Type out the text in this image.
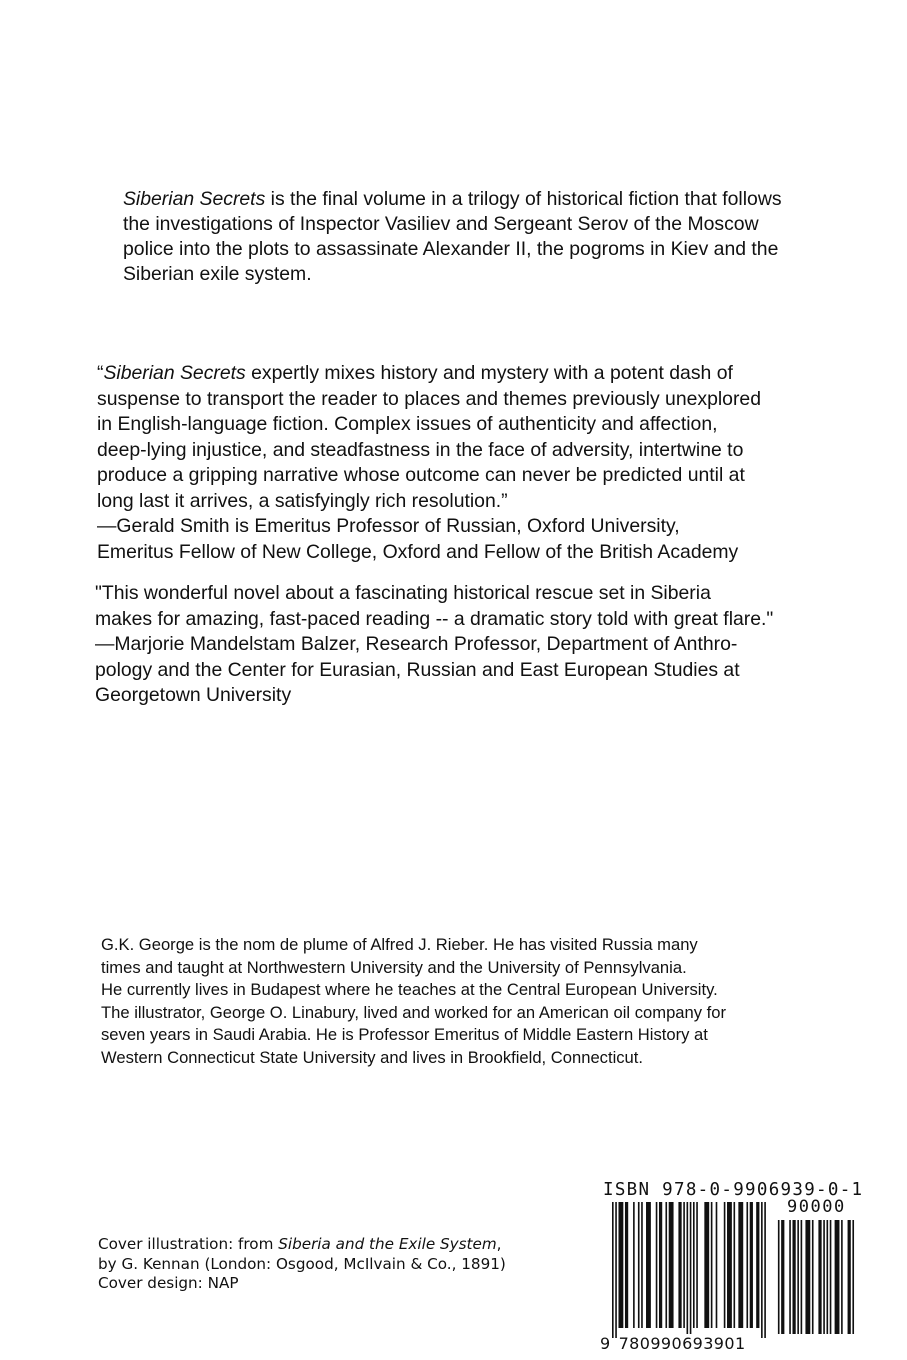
Siberian Secrets is the final volume in a trilogy of historical fiction that follows
the investigations of Inspector Vasiliev and Sergeant Serov of the Moscow
police into the plots to assassinate Alexander II, the pogroms in Kiev and the
Siberian exile system.

“Siberian Secrets expertly mixes history and mystery with a potent dash of
suspense to transport the reader to places and themes previously unexplored
in English-language fiction. Complex issues of authenticity and affection,
deep-lying injustice, and steadfastness in the face of adversity, intertwine to
produce a gripping narrative whose outcome can never be predicted until at
long last it arrives, a satisfyingly rich resolution.”
—Gerald Smith is Emeritus Professor of Russian, Oxford University,
Emeritus Fellow of New College, Oxford and Fellow of the British Academy

"This wonderful novel about a fascinating historical rescue set in Siberia
makes for amazing, fast-paced reading -- a dramatic story told with great flare."
—Marjorie Mandelstam Balzer, Research Professor, Department of Anthro-
pology and the Center for Eurasian, Russian and East European Studies at
Georgetown University

G.K. George is the nom de plume of Alfred J. Rieber. He has visited Russia many
times and taught at Northwestern University and the University of Pennsylvania.
He currently lives in Budapest where he teaches at the Central European University.
The illustrator, George O. Linabury, lived and worked for an American oil company for
seven years in Saudi Arabia. He is Professor Emeritus of Middle Eastern History at
Western Connecticut State University and lives in Brookfield, Connecticut.

Cover illustration: from Siberia and the Exile System,
by G. Kennan (London: Osgood, McIlvain & Co., 1891)
Cover design: NAP

ISBN 978-0-9906939-0-1
90000
9 780990693901
